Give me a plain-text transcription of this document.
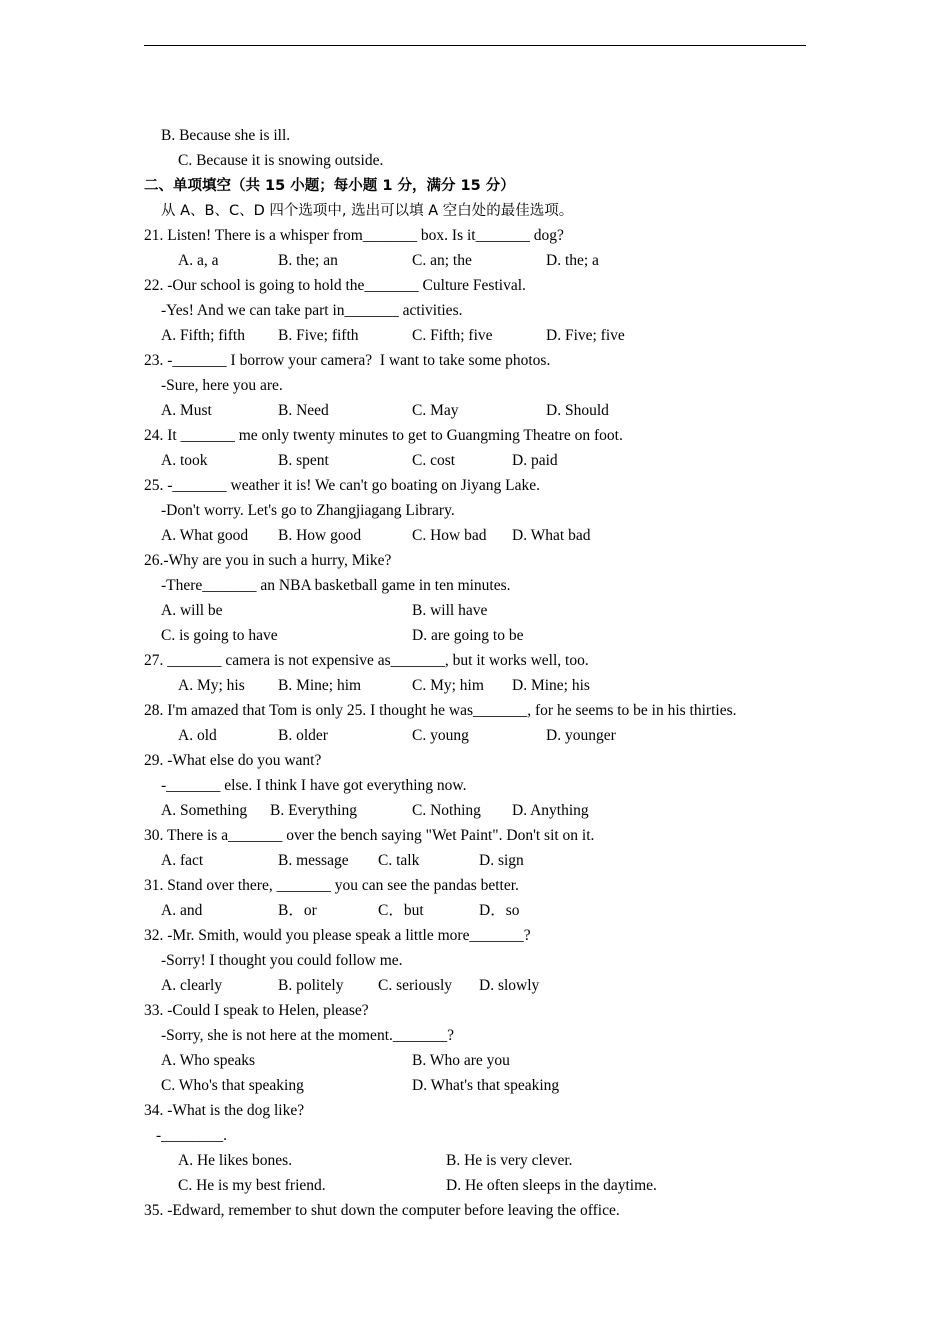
B. Because she is ill.
C. Because it is snowing outside.
二、单项填空（共 15 小题；每小题 1 分，满分 15 分）
从 A、B、C、D 四个选项中, 选出可以填 A 空白处的最佳选项。
21. Listen! There is a whisper from_______ box. Is it_______ dog?
A. a, a	B. the; an	C. an; the	D. the; a
22. -Our school is going to hold the_______ Culture Festival.
-Yes! And we can take part in_______ activities.
A. Fifth; fifth B. Five; fifth	C. Fifth; five	D. Five; five
23. -_______ I borrow your camera?  I want to take some photos.
-Sure, here you are.
A. Must	B. Need	C. May	D. Should
24. It _______ me only twenty minutes to get to Guangming Theatre on foot.
A. took	B. spent	C. cost	D. paid
25. -_______ weather it is! We can't go boating on Jiyang Lake.
-Don't worry. Let's go to Zhangjiagang Library.
A. What good B. How good	C. How bad D. What bad
26.-Why are you in such a hurry, Mike?
-There_______ an NBA basketball game in ten minutes.
A. will be	B. will have
C. is going to have	D. are going to be
27. _______ camera is not expensive as_______, but it works well, too.
A. My; his B. Mine; him	C. My; him D. Mine; his
28. I'm amazed that Tom is only 25. I thought he was_______, for he seems to be in his thirties.
A. old	B. older	C. young	D. younger
29. -What else do you want?
-_______ else. I think I have got everything now.
A. Something B. Everything	C. Nothing D. Anything
30. There is a_______ over the bench saying "Wet Paint". Don't sit on it.
A. fact	B. message C. talk	D. sign
31. Stand over there, _______ you can see the pandas better.
A. and	B．or	C．but	D．so
32. -Mr. Smith, would you please speak a little more_______?
-Sorry! I thought you could follow me.
A. clearly	B. politely C. seriously D. slowly
33. -Could I speak to Helen, please?
-Sorry, she is not here at the moment._______?
A. Who speaks	B. Who are you
C. Who's that speaking	D. What's that speaking
34. -What is the dog like?
-________.
A. He likes bones.	B. He is very clever.
C. He is my best friend.	D. He often sleeps in the daytime.
35. -Edward, remember to shut down the computer before leaving the office.
